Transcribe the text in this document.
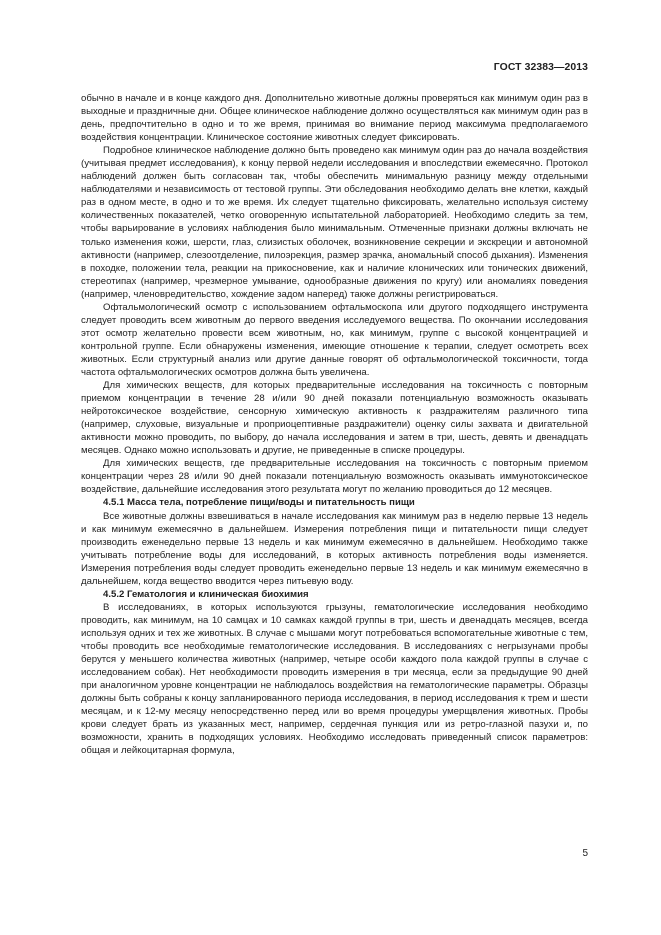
ГОСТ 32383—2013

обычно в начале и в конце каждого дня. Дополнительно животные должны проверяться как минимум один раз в выходные и праздничные дни. Общее клиническое наблюдение должно осуществляться как минимум один раз в день, предпочтительно в одно и то же время, принимая во внимание период максимума предполагаемого воздействия концентрации. Клиническое состояние животных следует фиксировать.

Подробное клиническое наблюдение должно быть проведено как минимум один раз до начала воздействия (учитывая предмет исследования), к концу первой недели исследования и впоследствии ежемесячно. Протокол наблюдений должен быть согласован так, чтобы обеспечить минимальную разницу между отдельными наблюдателями и независимость от тестовой группы. Эти обследования необходимо делать вне клетки, каждый раз в одном месте, в одно и то же время. Их следует тщательно фиксировать, желательно используя систему количественных показателей, четко оговоренную испытательной лабораторией. Необходимо следить за тем, чтобы варьирование в условиях наблюдения было минимальным. Отмеченные признаки должны включать не только изменения кожи, шерсти, глаз, слизистых оболочек, возникновение секреции и экскреции и автономной активности (например, слезоотделение, пилоэрекция, размер зрачка, аномальный способ дыхания). Изменения в походке, положении тела, реакции на прикосновение, как и наличие клонических или тонических движений, стереотипах (например, чрезмерное умывание, однообразные движения по кругу) или аномалиях поведения (например, членовредительство, хождение задом наперед) также должны регистрироваться.

Офтальмологический осмотр с использованием офтальмоскопа или другого подходящего инструмента следует проводить всем животным до первого введения исследуемого вещества. По окончании исследования этот осмотр желательно провести всем животным, но, как минимум, группе с высокой концентрацией и контрольной группе. Если обнаружены изменения, имеющие отношение к терапии, следует осмотреть всех животных. Если структурный анализ или другие данные говорят об офтальмологической токсичности, тогда частота офтальмологических осмотров должна быть увеличена.

Для химических веществ, для которых предварительные исследования на токсичность с повторным приемом концентрации в течение 28 и/или 90 дней показали потенциальную возможность оказывать нейротоксическое воздействие, сенсорную химическую активность к раздражителям различного типа (например, слуховые, визуальные и проприоцептивные раздражители) оценку силы захвата и двигательной активности можно проводить, по выбору, до начала исследования и затем в три, шесть, девять и двенадцать месяцев. Однако можно использовать и другие, не приведенные в списке процедуры.

Для химических веществ, где предварительные исследования на токсичность с повторным приемом концентрации через 28 и/или 90 дней показали потенциальную возможность оказывать иммунотоксическое воздействие, дальнейшие исследования этого результата могут по желанию проводиться до 12 месяцев.

4.5.1 Масса тела, потребление пищи/воды и питательность пищи

Все животные должны взвешиваться в начале исследования как минимум раз в неделю первые 13 недель и как минимум ежемесячно в дальнейшем. Измерения потребления пищи и питательности пищи следует производить еженедельно первые 13 недель и как минимум ежемесячно в дальнейшем. Необходимо также учитывать потребление воды для исследований, в которых активность потребления воды изменяется. Измерения потребления воды следует проводить еженедельно первые 13 недель и как минимум ежемесячно в дальнейшем, когда вещество вводится через питьевую воду.

4.5.2 Гематология и клиническая биохимия

В исследованиях, в которых используются грызуны, гематологические исследования необходимо проводить, как минимум, на 10 самцах и 10 самках каждой группы в три, шесть и двенадцать месяцев, всегда используя одних и тех же животных. В случае с мышами могут потребоваться вспомогательные животные с тем, чтобы проводить все необходимые гематологические исследования. В исследованиях с негрызунами пробы берутся у меньшего количества животных (например, четыре особи каждого пола каждой группы в случае с исследованием собак). Нет необходимости проводить измерения в три месяца, если за предыдущие 90 дней при аналогичном уровне концентрации не наблюдалось воздействия на гематологические параметры. Образцы должны быть собраны к концу запланированного периода исследования, в период исследования к трем и шести месяцам, и к 12-му месяцу непосредственно перед или во время процедуры умерщвления животных. Пробы крови следует брать из указанных мест, например, сердечная пункция или из ретро-глазной пазухи и, по возможности, хранить в подходящих условиях. Необходимо исследовать приведенный список параметров: общая и лейкоцитарная формула,

5
